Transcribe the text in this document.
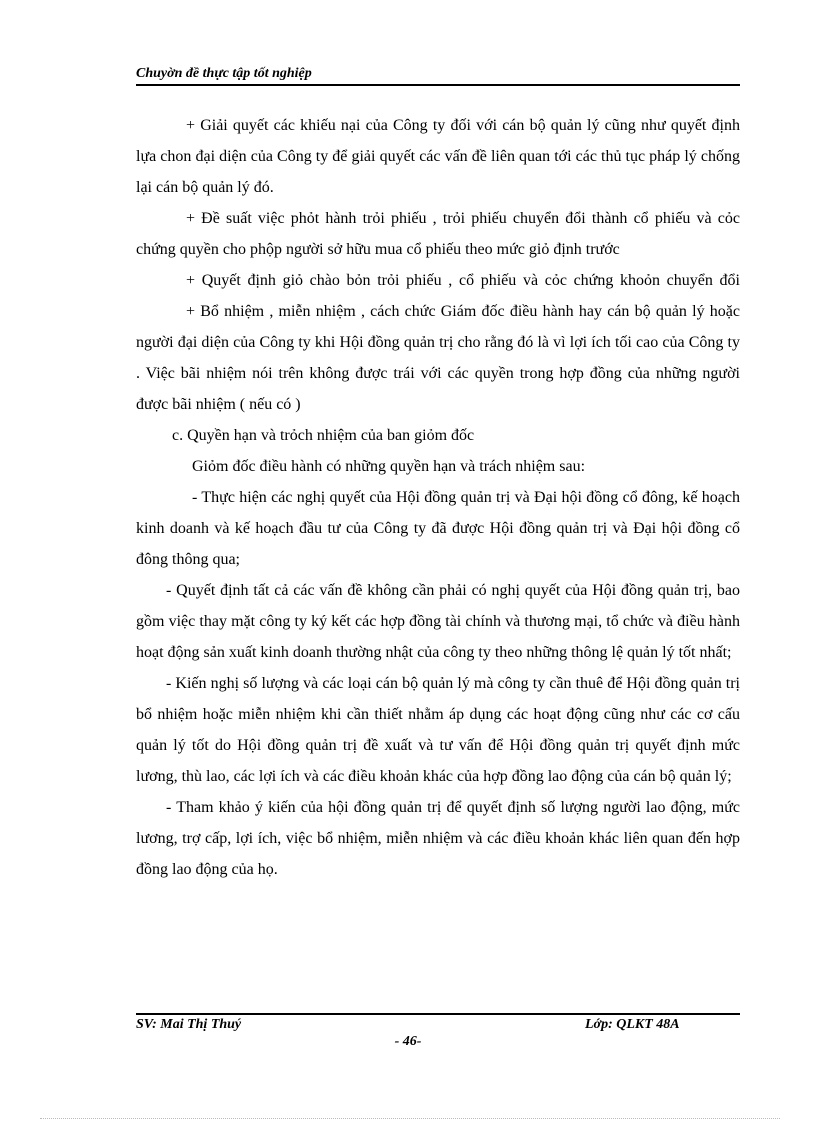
Chuyờn đề thực tập tốt nghiệp

+ Giải quyết các khiếu nại của Công ty đối với cán bộ quản lý cũng như quyết định lựa chon đại diện của Công ty để giải quyết các vấn đề liên quan tới các thủ tục pháp lý chống lại cán bộ quản lý đó.

+ Đề suất việc phỏt hành trỏi phiếu , trỏi phiếu chuyển đổi thành cổ phiếu và cỏc chứng quyền cho phộp người sở hữu mua cổ phiếu theo mức giỏ định trước

+ Quyết định giỏ chào bỏn trỏi phiếu , cổ phiếu và cỏc chứng khoỏn chuyển đổi

+ Bổ nhiệm , miễn nhiệm , cách chức Giám đốc điều hành hay cán bộ quản lý hoặc người đại diện của Công ty khi Hội đồng quản trị cho rằng đó là vì lợi ích tối cao của Công ty . Việc bãi nhiệm nói trên không được trái với các quyền trong hợp đồng của những người được bãi nhiệm ( nếu có )

c. Quyền hạn và trỏch nhiệm của ban giỏm đốc

Giỏm đốc điều hành có những quyền hạn và trách nhiệm sau:

- Thực hiện các nghị quyết của Hội đồng quản trị và Đại hội đồng cổ đông, kế hoạch kinh doanh và kế hoạch đầu tư của Công ty đã được Hội đồng quản trị và Đại hội đồng cổ đông thông qua;

- Quyết định tất cả các vấn đề không cần phải có nghị quyết của Hội đồng quản trị, bao gồm việc thay mặt công ty ký kết các hợp đồng tài chính và thương mại, tổ chức và điều hành hoạt động sản xuất kinh doanh thường nhật của công ty theo những thông lệ quản lý tốt nhất;

- Kiến nghị số lượng và các loại cán bộ quản lý mà công ty cần thuê để Hội đồng quản trị bổ nhiệm hoặc miễn nhiệm khi cần thiết nhằm áp dụng các hoạt động cũng như các cơ cấu quản lý tốt do Hội đồng quản trị đề xuất và tư vấn để Hội đồng quản trị quyết định mức lương, thù lao, các lợi ích và các điều khoản khác của hợp đồng lao động của cán bộ quản lý;

- Tham khảo ý kiến của hội đồng quản trị để quyết định số lượng người lao động, mức lương, trợ cấp, lợi ích, việc bổ nhiệm, miễn nhiệm và các điều khoản khác liên quan đến hợp đồng lao động của họ.

SV: Mai Thị Thuý	Lớp: QLKT 48A
- 46-
